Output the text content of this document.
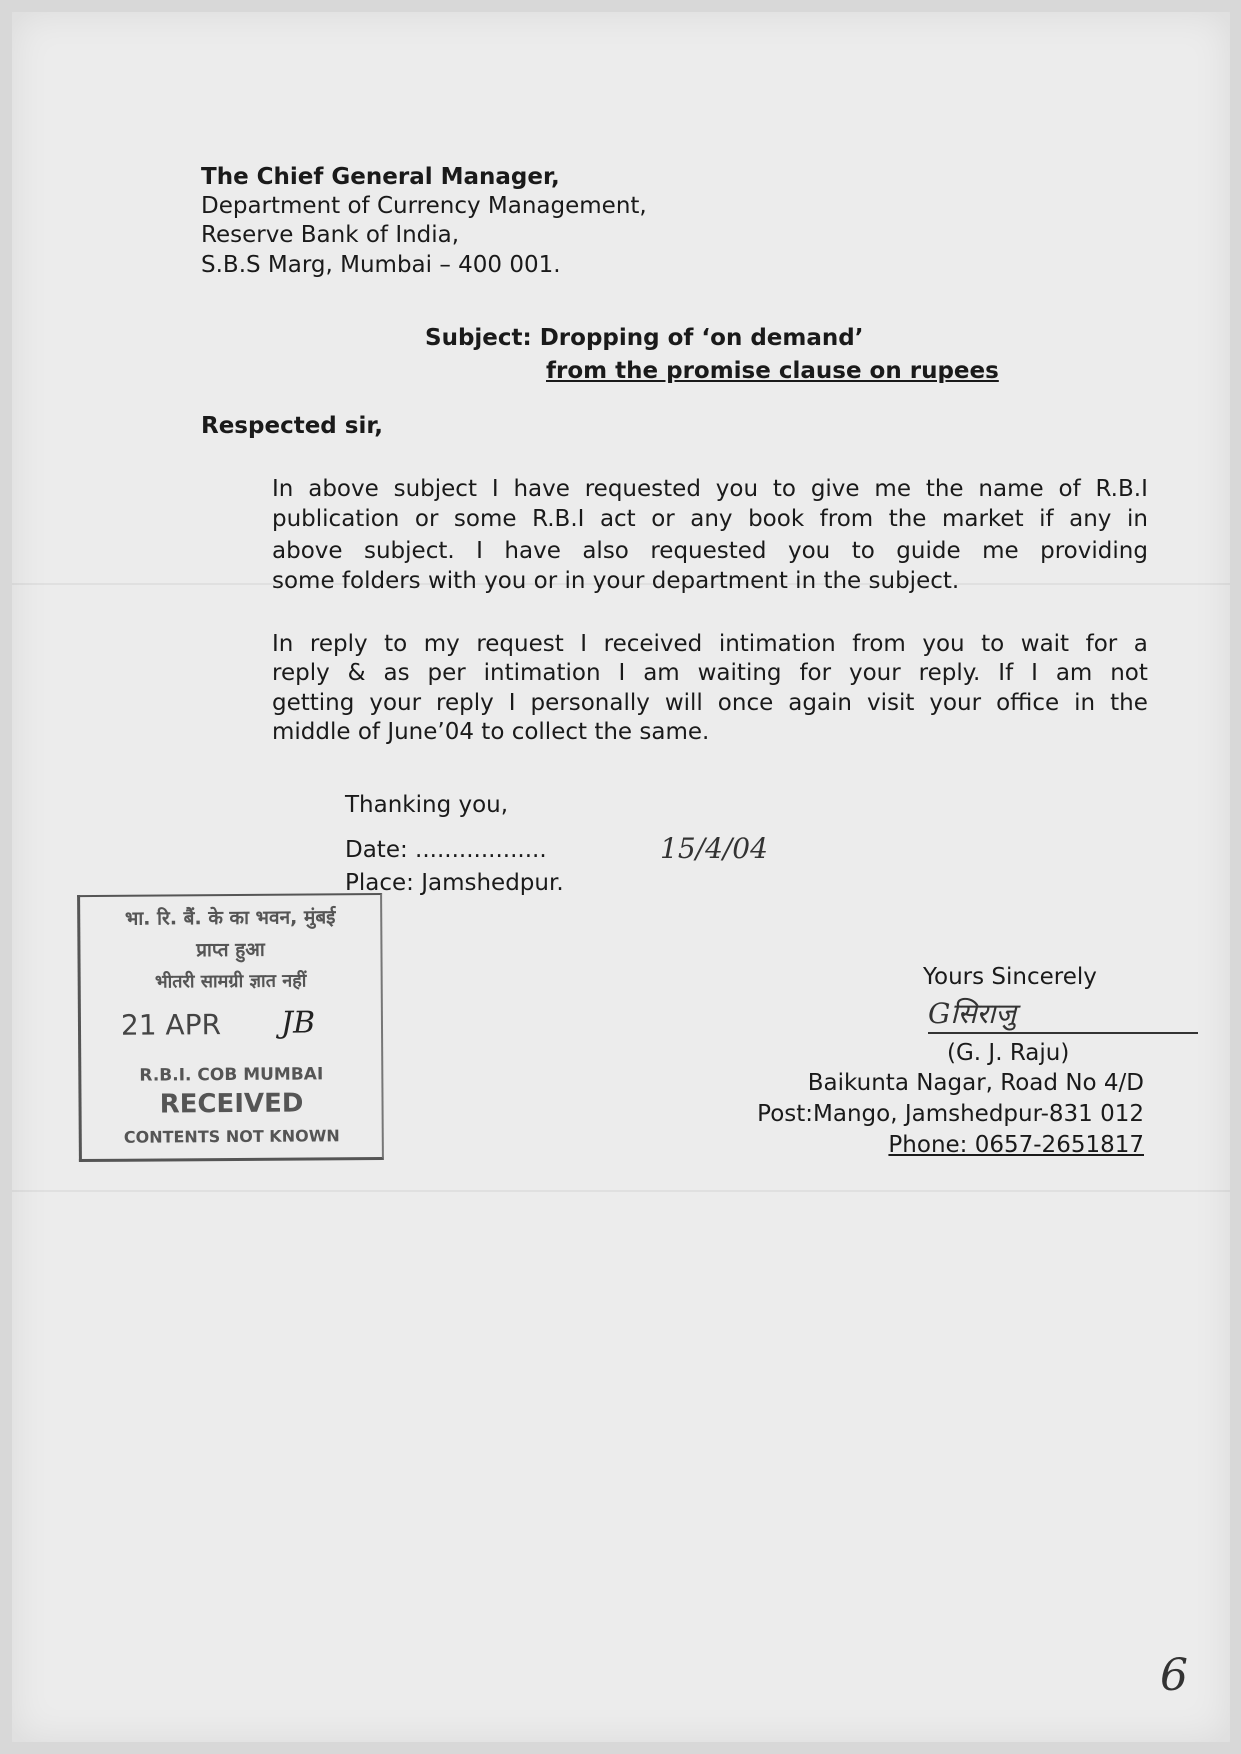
The Chief General Manager,
Department of Currency Management,
Reserve Bank of India,
S.B.S Marg, Mumbai – 400 001.
Subject: Dropping of ‘on demand’
from the promise clause on rupees
Respected sir,
In above subject I have requested you to give me the name of R.B.I
publication or some R.B.I act or any book from the market if any in
above subject. I have also requested you to guide me providing
some folders with you or in your department in the subject.
In reply to my request I received intimation from you to wait for a
reply & as per intimation I am waiting for your reply. If I am not
getting your reply I personally will once again visit your office in the
middle of June’04 to collect the same.
Thanking you,
Date: ..................	15/4/04
Place: Jamshedpur.
भा. रि. बैं. के का भवन, मुंबई
प्राप्त हुआ
भीतरी सामग्री ज्ञात नहीं
21 APR	JB
R.B.I. COB MUMBAI
RECEIVED
CONTENTS NOT KNOWN
Yours Sincerely
Gसिराजु
(G. J. Raju)
Baikunta Nagar, Road No 4/D
Post:Mango, Jamshedpur-831 012
Phone: 0657-2651817
6
